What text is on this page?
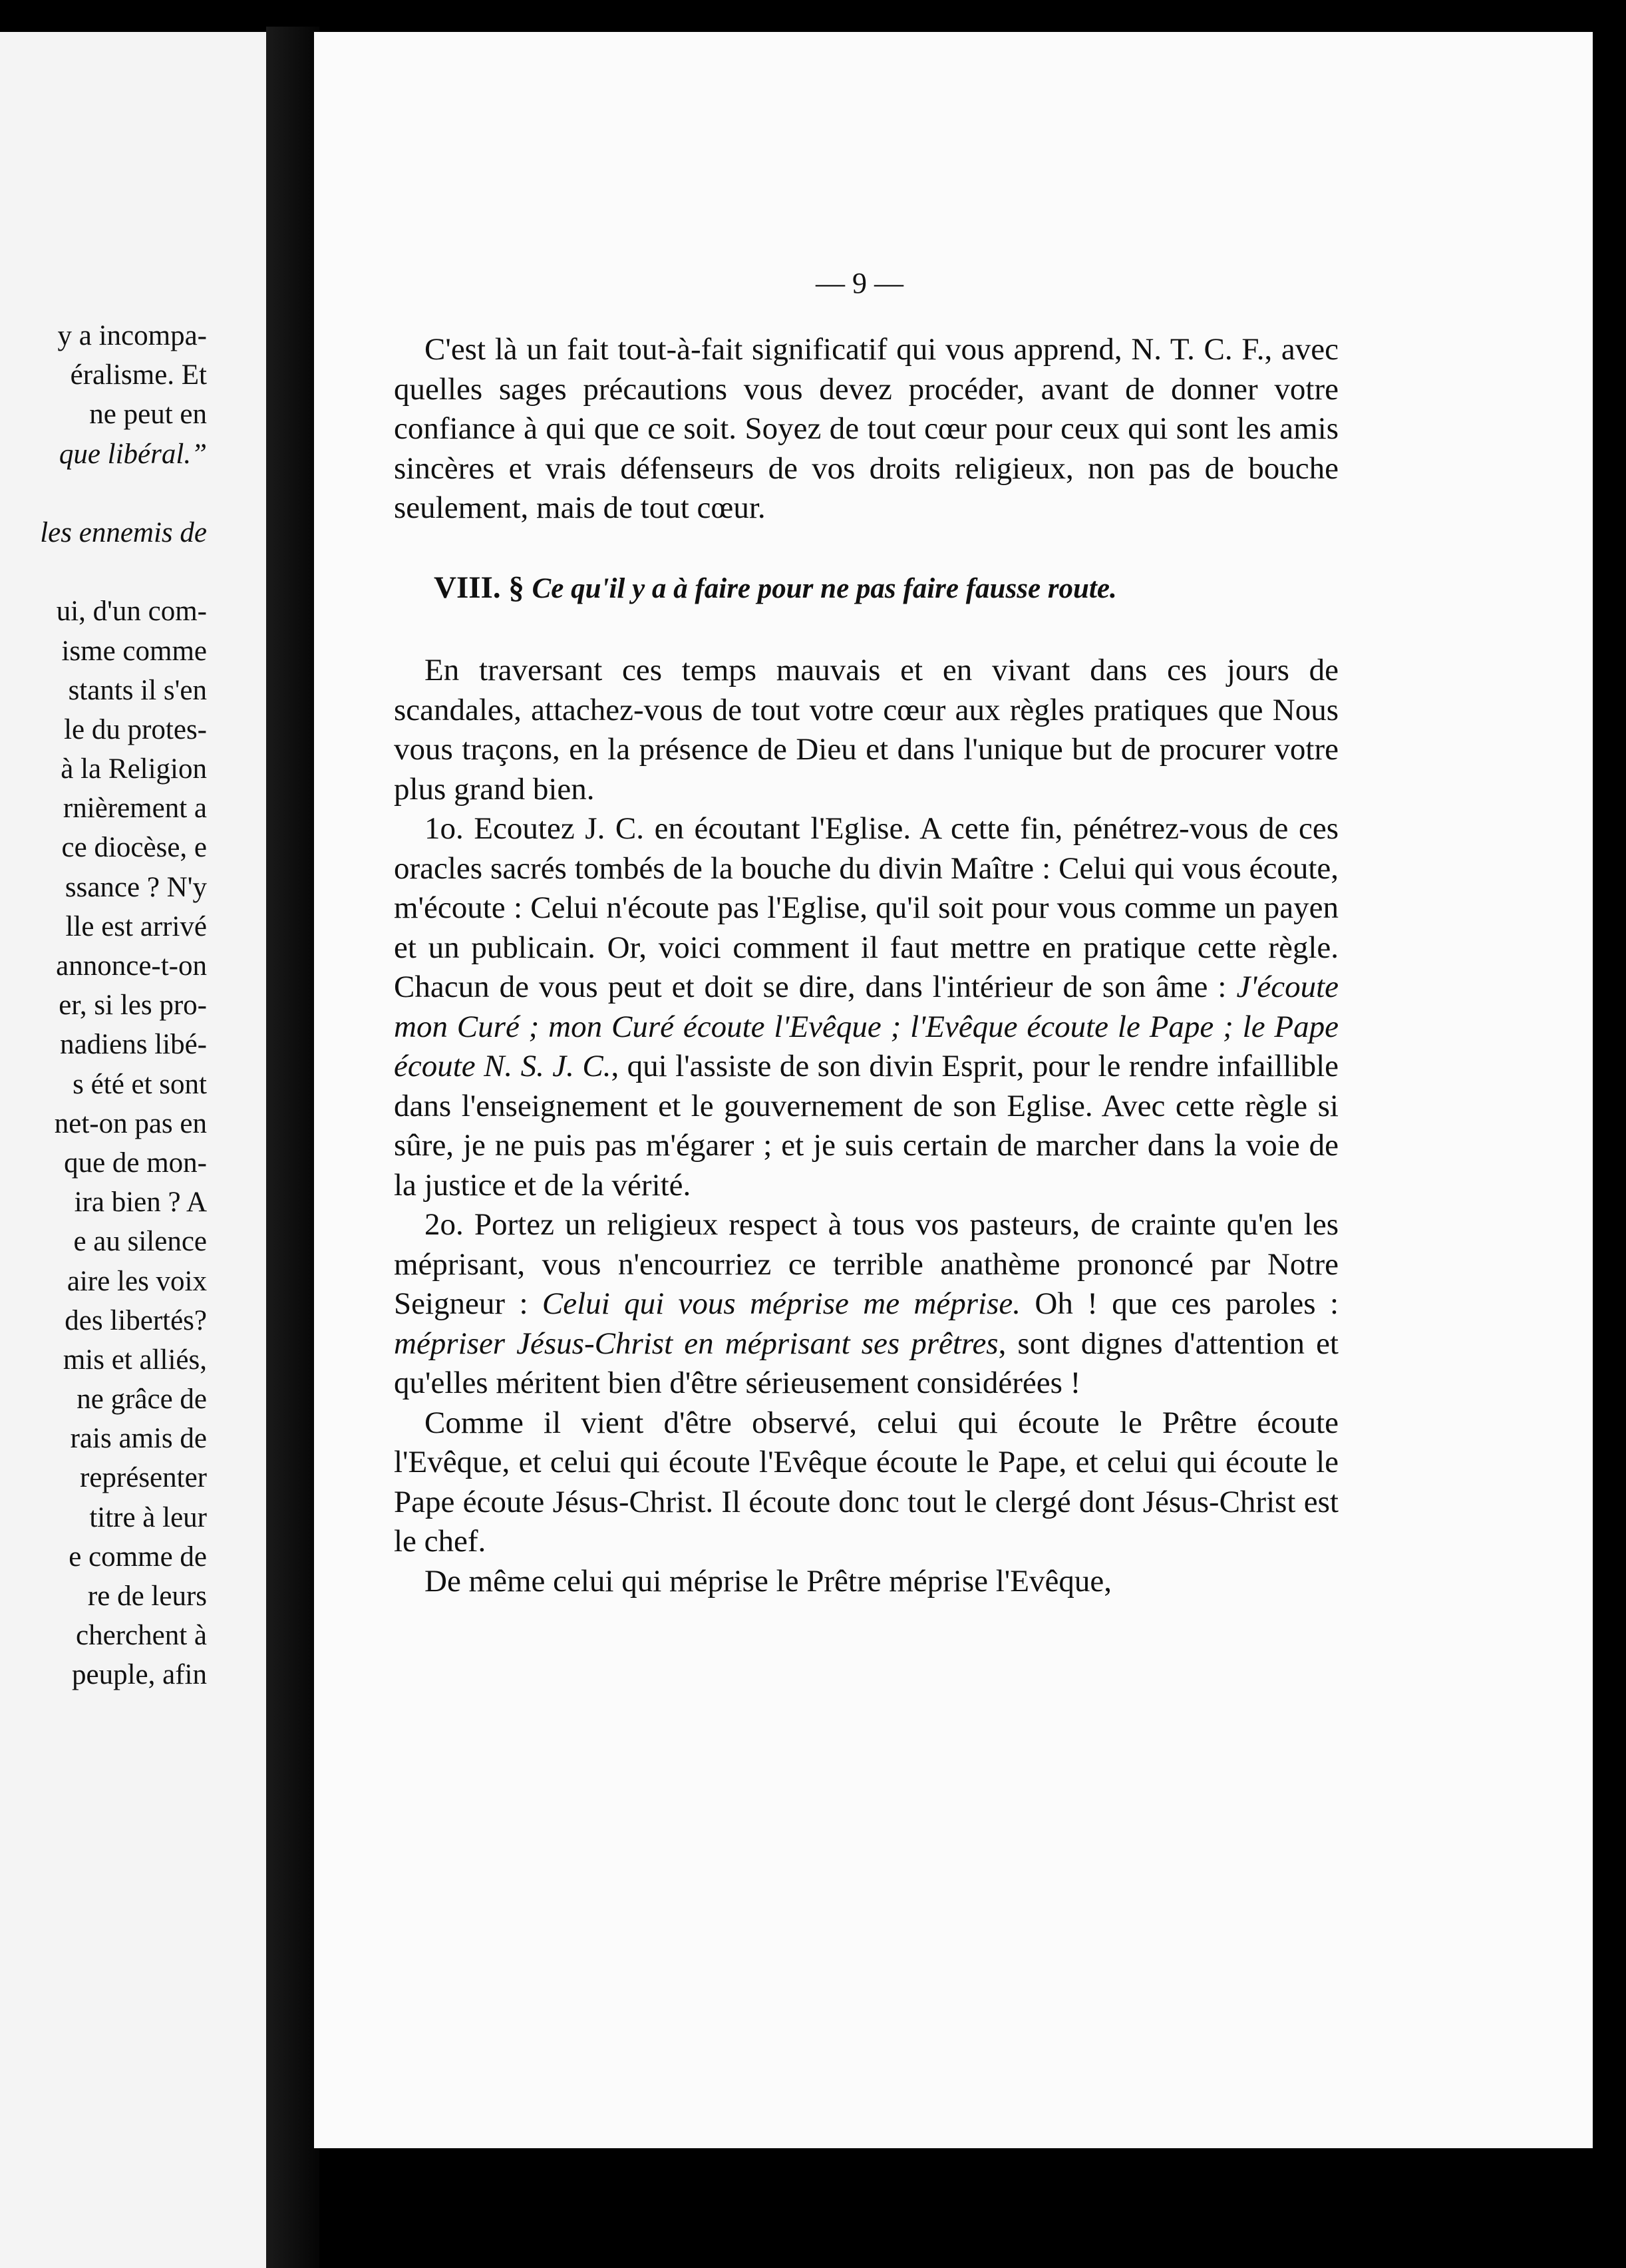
y a incompa-
éralisme. Et
ne peut en
que libéral.”
les ennemis de
ui, d'un com-
isme comme
stants il s'en
le du protes-
à la Religion
rnièrement a
ce diocèse, e
ssance ? N'y
lle est arrivé
annonce-t-on
er, si les pro-
nadiens libé-
s été et sont
net-on pas en
que de mon-
ira bien ? A
e au silence
aire les voix
des libertés?
mis et alliés,
ne grâce de
rais amis de
représenter
titre à leur
e comme de
re de leurs
cherchent à
peuple, afin
— 9 —

C'est là un fait tout-à-fait significatif qui vous apprend, N. T. C. F., avec quelles sages précautions vous devez procéder, avant de donner votre confiance à qui que ce soit. Soyez de tout cœur pour ceux qui sont les amis sincères et vrais défenseurs de vos droits religieux, non pas de bouche seulement, mais de tout cœur.

VIII. § Ce qu'il y a à faire pour ne pas faire fausse route.

En traversant ces temps mauvais et en vivant dans ces jours de scandales, attachez-vous de tout votre cœur aux règles pratiques que Nous vous traçons, en la présence de Dieu et dans l'unique but de procurer votre plus grand bien.

1o. Ecoutez J. C. en écoutant l'Eglise. A cette fin, pénétrez-vous de ces oracles sacrés tombés de la bouche du divin Maître : Celui qui vous écoute, m'écoute : Celui n'écoute pas l'Eglise, qu'il soit pour vous comme un payen et un publicain. Or, voici comment il faut mettre en pratique cette règle. Chacun de vous peut et doit se dire, dans l'intérieur de son âme : J'écoute mon Curé ; mon Curé écoute l'Evêque ; l'Evêque écoute le Pape ; le Pape écoute N. S. J. C., qui l'assiste de son divin Esprit, pour le rendre infaillible dans l'enseignement et le gouvernement de son Eglise. Avec cette règle si sûre, je ne puis pas m'égarer ; et je suis certain de marcher dans la voie de la justice et de la vérité.

2o. Portez un religieux respect à tous vos pasteurs, de crainte qu'en les méprisant, vous n'encourriez ce terrible anathème prononcé par Notre Seigneur : Celui qui vous méprise me méprise. Oh ! que ces paroles : mépriser Jésus-Christ en méprisant ses prêtres, sont dignes d'attention et qu'elles méritent bien d'être sérieusement considérées !

Comme il vient d'être observé, celui qui écoute le Prêtre écoute l'Evêque, et celui qui écoute l'Evêque écoute le Pape, et celui qui écoute le Pape écoute Jésus-Christ. Il écoute donc tout le clergé dont Jésus-Christ est le chef.

De même celui qui méprise le Prêtre méprise l'Evêque,
